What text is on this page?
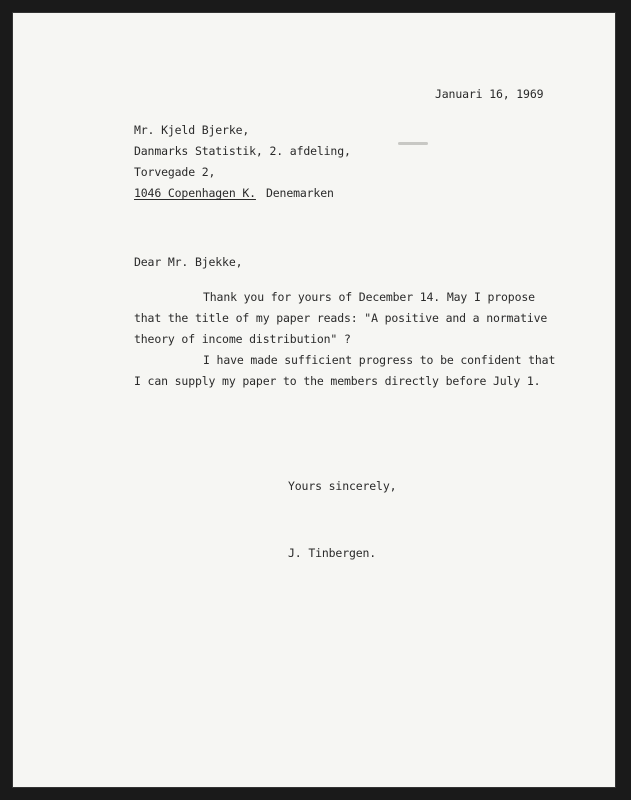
Januari 16, 1969
Mr. Kjeld Bjerke,
Danmarks Statistik, 2. afdeling,
Torvegade 2,
1046 Copenhagen K. Denemarken
Dear Mr. Bjekke,
Thank you for yours of December 14. May I propose
that the title of my paper reads: "A positive and a normative
theory of income distribution" ?
I have made sufficient progress to be confident that
I can supply my paper to the members directly before July 1.
Yours sincerely,
J. Tinbergen.
